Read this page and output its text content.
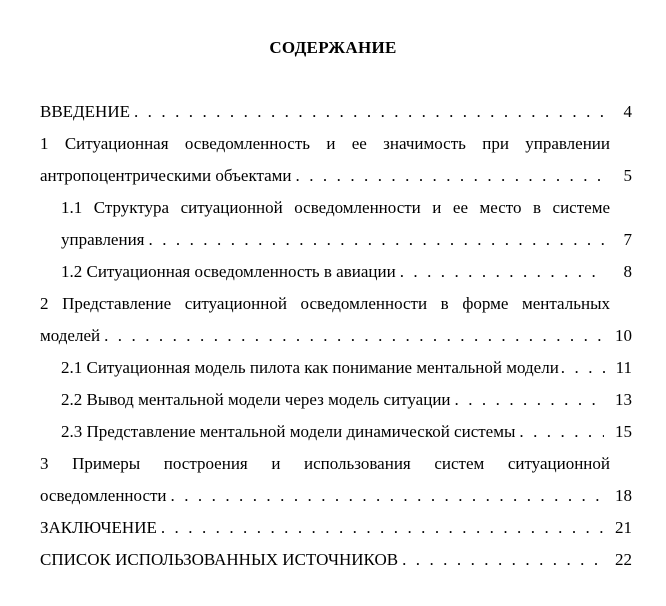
СОДЕРЖАНИЕ
ВВЕДЕНИЕ . . .	4
1 Ситуационная осведомленность и ее значимость при управлении
антропоцентрическими объектами . . .	5
1.1 Структура ситуационной осведомленности и ее место в системе
управления . . .	7
1.2 Ситуационная осведомленность в авиации . . .	8
2 Представление ситуационной осведомленности в форме ментальных
моделей . . .	10
2.1 Ситуационная модель пилота как понимание ментальной модели . . .	11
2.2 Вывод ментальной модели через модель ситуации . . .	13
2.3 Представление ментальной модели динамической системы . . .	15
3 Примеры построения и использования систем ситуационной
осведомленности . . .	18
ЗАКЛЮЧЕНИЕ . . .	21
СПИСОК ИСПОЛЬЗОВАННЫХ ИСТОЧНИКОВ . . .	22
